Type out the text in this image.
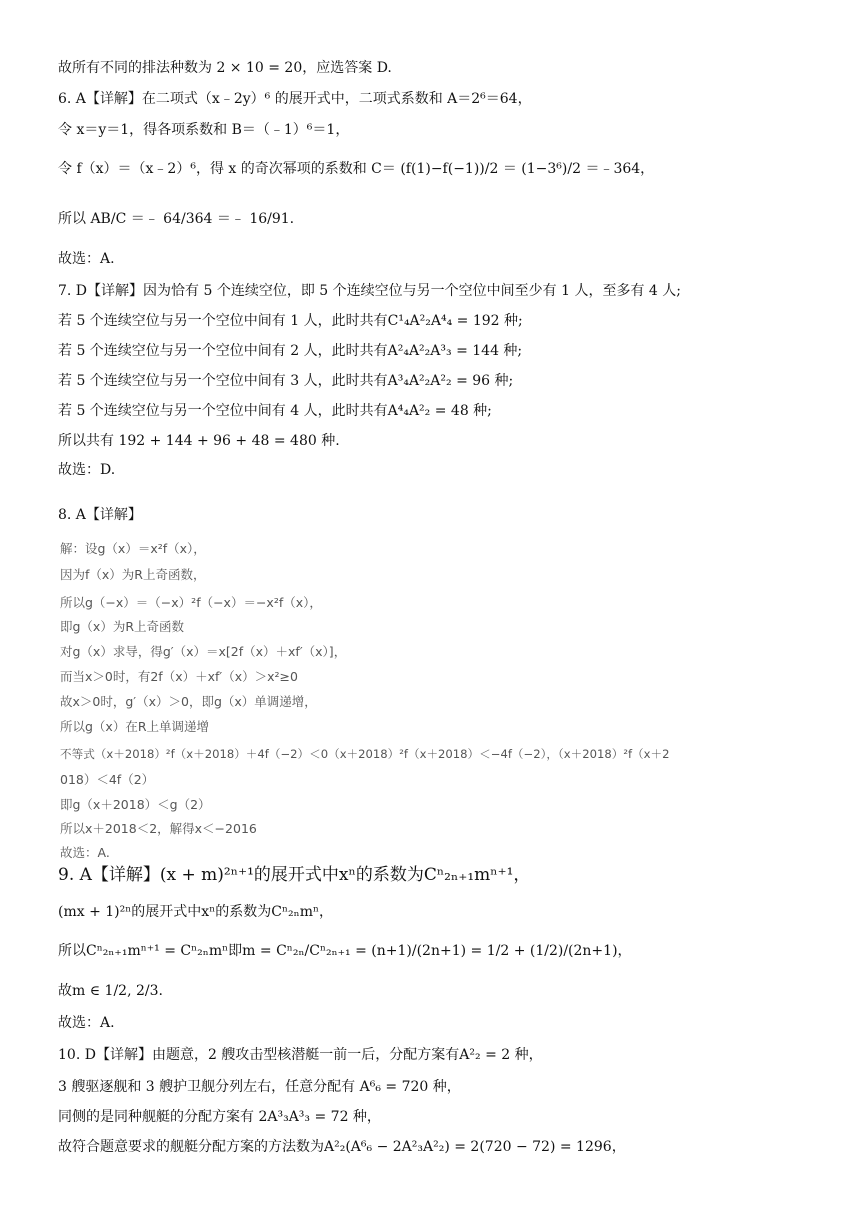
故所有不同的排法种数为 2 × 10 = 20，应选答案 D.
6. A【详解】在二项式（x﹣2y）⁶ 的展开式中，二项式系数和 A＝2⁶＝64，
令 x＝y＝1，得各项系数和 B＝（﹣1）⁶＝1，
令 f（x）＝（x﹣2）⁶，得 x 的奇次幂项的系数和 C＝ (f(1)−f(−1))/2 ＝ (1−3⁶)/2 ＝﹣364，
所以 AB/C ＝﹣ 64/364 ＝﹣ 16/91.
故选：A.
7. D【详解】因为恰有 5 个连续空位，即 5 个连续空位与另一个空位中间至少有 1 人，至多有 4 人;
若 5 个连续空位与另一个空位中间有 1 人，此时共有C¹₄A²₂A⁴₄ = 192 种;
若 5 个连续空位与另一个空位中间有 2 人，此时共有A²₄A²₂A³₃ = 144 种;
若 5 个连续空位与另一个空位中间有 3 人，此时共有A³₄A²₂A²₂ = 96 种;
若 5 个连续空位与另一个空位中间有 4 人，此时共有A⁴₄A²₂ = 48 种;
所以共有 192 + 144 + 96 + 48 = 480 种.
故选：D.
8. A【详解】
解：设g（x）＝x²f（x），
因为f（x）为R上奇函数，
所以g（−x）＝（−x）²f（−x）＝−x²f（x），
即g（x）为R上奇函数
对g（x）求导，得g′（x）＝x[2f（x）＋xf′（x）]，
而当x＞0时，有2f（x）＋xf′（x）＞x²≥0
故x＞0时，g′（x）＞0，即g（x）单调递增，
所以g（x）在R上单调递增
不等式（x＋2018）²f（x＋2018）＋4f（−2）＜0（x＋2018）²f（x＋2018）＜−4f（−2），（x＋2018）²f（x＋2
018）＜4f（2）
即g（x＋2018）＜g（2）
所以x＋2018＜2，解得x＜−2016
故选：A.
9. A【详解】(x + m)²ⁿ⁺¹的展开式中xⁿ的系数为Cⁿ₂ₙ₊₁mⁿ⁺¹，
(mx + 1)²ⁿ的展开式中xⁿ的系数为Cⁿ₂ₙmⁿ，
所以Cⁿ₂ₙ₊₁mⁿ⁺¹ = Cⁿ₂ₙmⁿ即m = Cⁿ₂ₙ/Cⁿ₂ₙ₊₁ = (n+1)/(2n+1) = 1/2 + (1/2)/(2n+1)，
故m ∈ 1/2, 2/3.
故选：A.
10. D【详解】由题意，2 艘攻击型核潜艇一前一后，分配方案有A²₂ = 2 种，
3 艘驱逐舰和 3 艘护卫舰分列左右，任意分配有 A⁶₆ = 720 种，
同侧的是同种舰艇的分配方案有 2A³₃A³₃ = 72 种，
故符合题意要求的舰艇分配方案的方法数为A²₂(A⁶₆ − 2A²₃A²₂) = 2(720 − 72) = 1296，
